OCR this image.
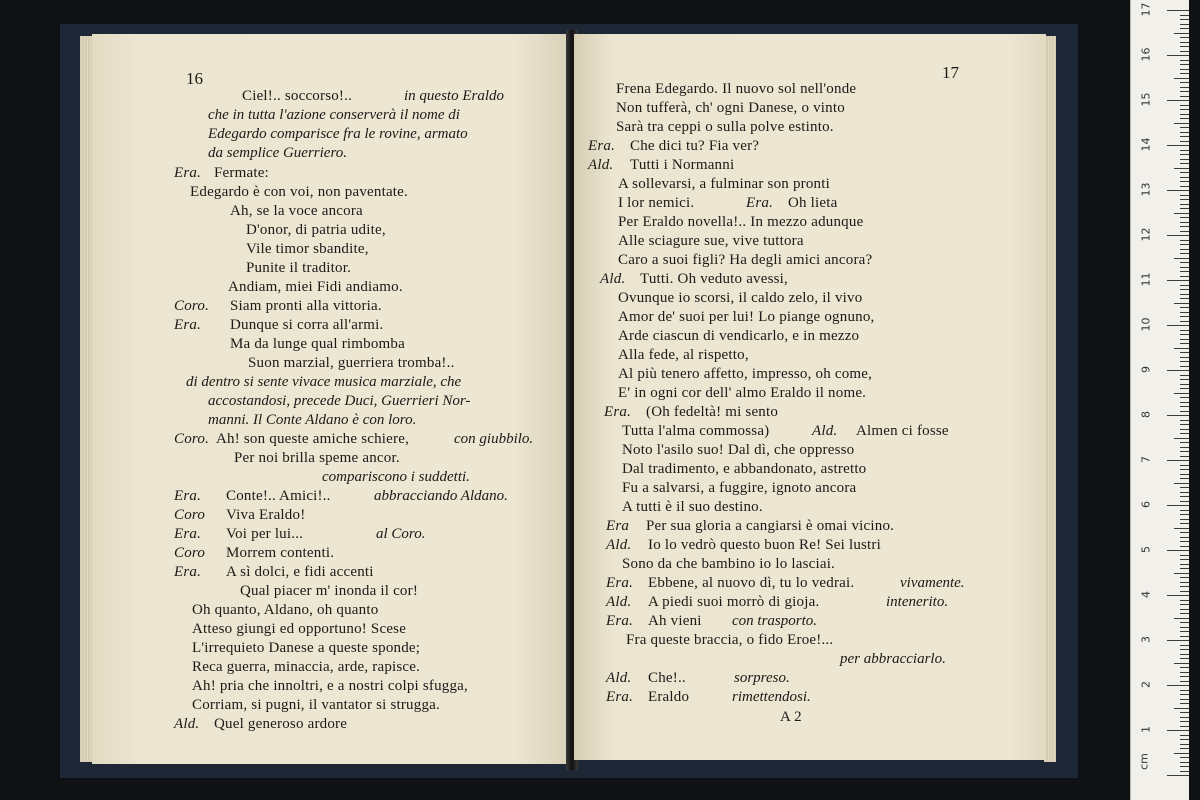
16
Ciel!.. soccorso!..	in questo Eraldo
che in tutta l'azione conserverà il nome di
Edegardo comparisce fra le rovine, armato
da semplice Guerriero.
Era. Fermate:
Edegardo è con voi, non paventate.
Ah, se la voce ancora
D'onor, di patria udite,
Vile timor sbandite,
Punite il traditor.
Andiam, miei Fidi andiamo.
Coro. Siam pronti alla vittoria.
Era. Dunque si corra all'armi.
Ma da lunge qual rimbomba
Suon marzial, guerriera tromba!..
di dentro si sente vivace musica marziale, che
accostandosi, precede Duci, Guerrieri Nor-
manni. Il Conte Aldano è con loro.
Coro. Ah! son queste amiche schiere,	con giubbilo.
Per noi brilla speme ancor.
compariscono i suddetti.
Era. Conte!.. Amici!..	abbracciando Aldano.
Coro Viva Eraldo!
Era. Voi per lui...	al Coro.
Coro Morrem contenti.
Era. A sì dolci, e fidi accenti
Qual piacer m' inonda il cor!
Oh quanto, Aldano, oh quanto
Atteso giungi ed opportuno! Scese
L'irrequieto Danese a queste sponde;
Reca guerra, minaccia, arde, rapisce.
Ah! pria che innoltri, e a nostri colpi sfugga,
Corriam, si pugni, il vantator si strugga.
Ald. Quel generoso ardore
17
Frena Edegardo. Il nuovo sol nell'onde
Non tufferà, ch' ogni Danese, o vinto
Sarà tra ceppi o sulla polve estinto.
Era. Che dici tu? Fia ver?
Ald. Tutti i Normanni
A sollevarsi, a fulminar son pronti
I lor nemici.	Era. Oh lieta
Per Eraldo novella!.. In mezzo adunque
Alle sciagure sue, vive tuttora
Caro a suoi figli? Ha degli amici ancora?
Ald. Tutti. Oh veduto avessi,
Ovunque io scorsi, il caldo zelo, il vivo
Amor de' suoi per lui! Lo piange ognuno,
Arde ciascun di vendicarlo, e in mezzo
Alla fede, al rispetto,
Al più tenero affetto, impresso, oh come,
E' in ogni cor dell' almo Eraldo il nome.
Era. (Oh fedeltà! mi sento
Tutta l'alma commossa)	Ald. Almen ci fosse
Noto l'asilo suo! Dal dì, che oppresso
Dal tradimento, e abbandonato, astretto
Fu a salvarsi, a fuggire, ignoto ancora
A tutti è il suo destino.
Era Per sua gloria a cangiarsi è omai vicino.
Ald. Io lo vedrò questo buon Re! Sei lustri
Sono da che bambino io lo lasciai.
Era. Ebbene, al nuovo dì, tu lo vedrai.	vivamente.
Ald. A piedi suoi morrò di gioja.	intenerito.
Era. Ah vieni con trasporto.
Fra queste braccia, o fido Eroe!...
per abbracciarlo.
Ald. Che!..	sorpreso.
Era. Eraldo	rimettendosi.
A 2
1
2
3
4
5
6
7
8
9
10
11
12
13
14
15
16
17
cm
